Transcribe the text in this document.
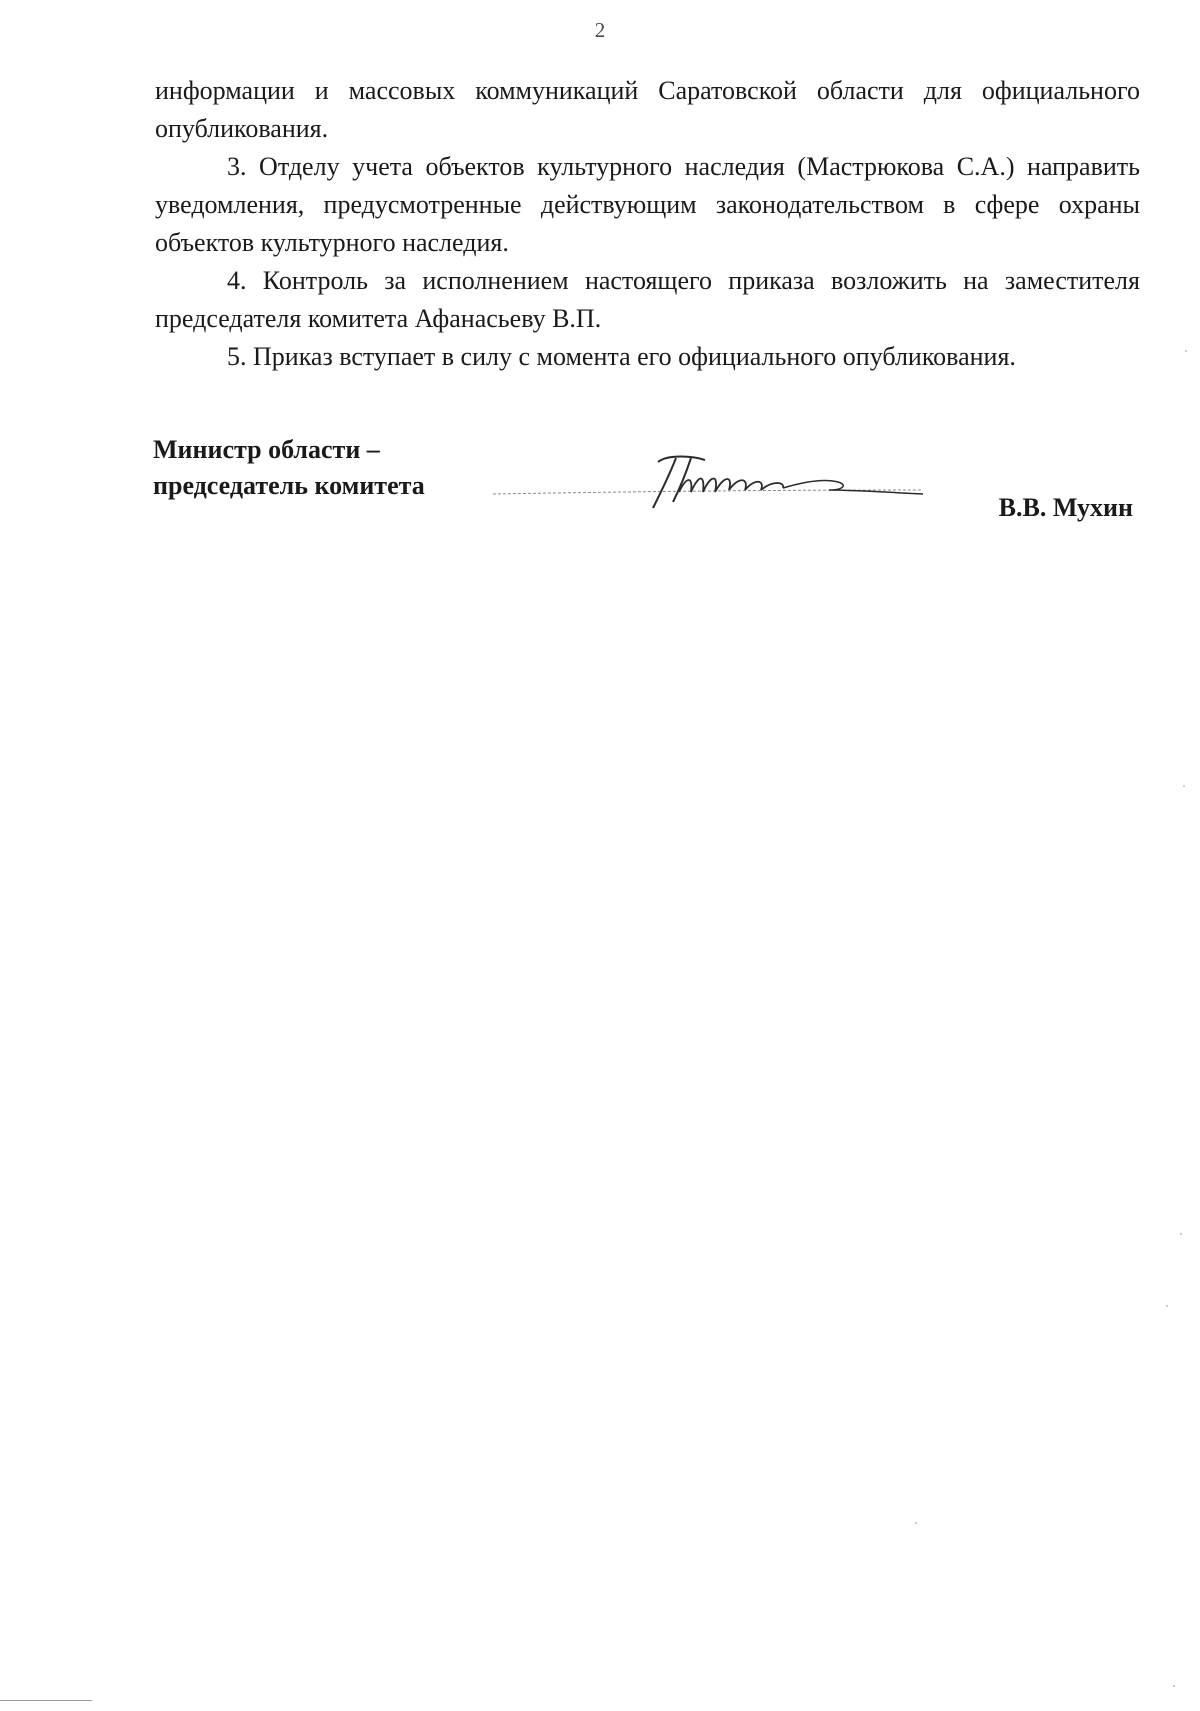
2

информации и массовых коммуникаций Саратовской области для официального опубликования.

3. Отделу учета объектов культурного наследия (Мастрюкова С.А.) направить уведомления, предусмотренные действующим законодательством в сфере охраны объектов культурного наследия.

4. Контроль за исполнением настоящего приказа возложить на заместителя председателя комитета Афанасьеву В.П.

5. Приказ вступает в силу с момента его официального опубликования.

Министр области –
председатель комитета
В.В. Мухин
